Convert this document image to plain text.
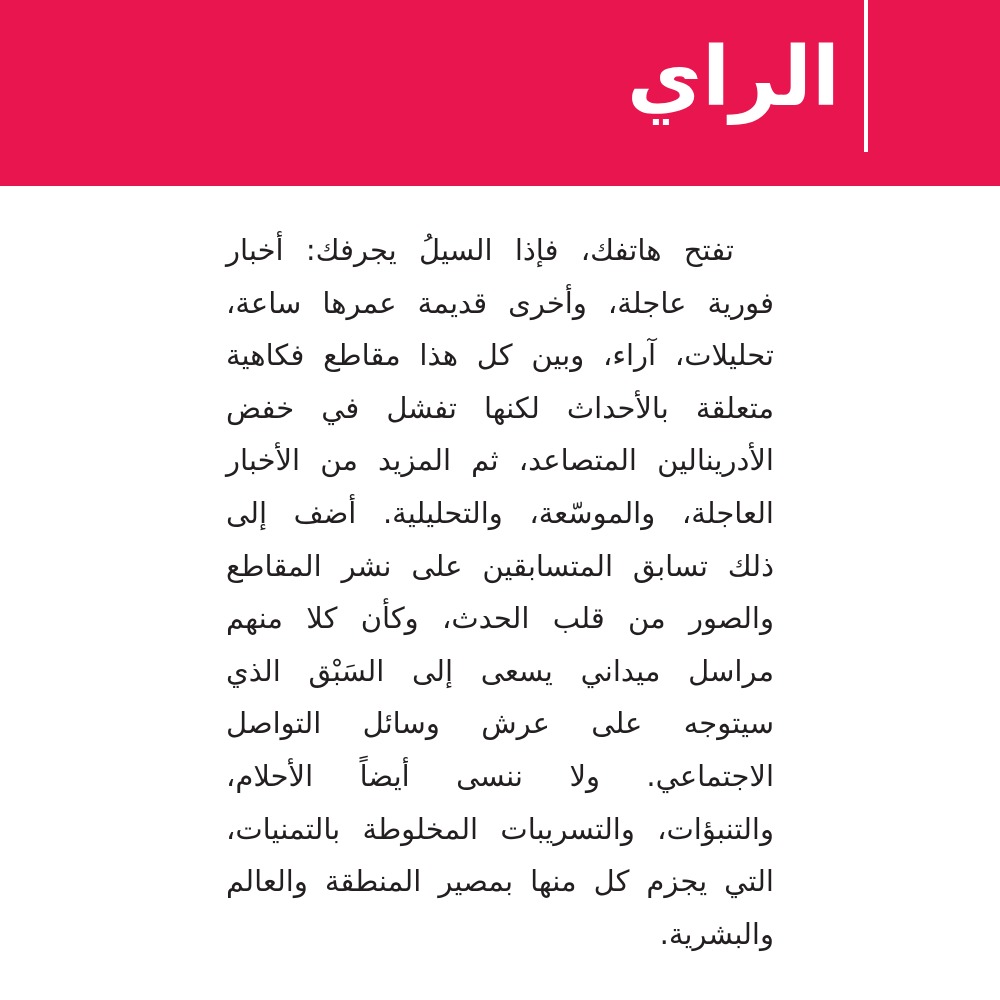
الراي
تفتح هاتفك، فإذا السيلُ يجرفك: أخبار
فورية عاجلة، وأخرى قديمة عمرها ساعة،
تحليلات، آراء، وبين كل هذا مقاطع فكاهية
متعلقة بالأحداث لكنها تفشل في خفض
الأدرينالين المتصاعد، ثم المزيد من الأخبار
العاجلة، والموسّعة، والتحليلية. أضف إلى
ذلك تسابق المتسابقين على نشر المقاطع
والصور من قلب الحدث، وكأن كلا منهم
مراسل ميداني يسعى إلى السَبْق الذي
سيتوجه على عرش وسائل التواصل
الاجتماعي. ولا ننسى أيضاً الأحلام،
والتنبؤات، والتسريبات المخلوطة بالتمنيات،
التي يجزم كل منها بمصير المنطقة والعالم
والبشرية.
